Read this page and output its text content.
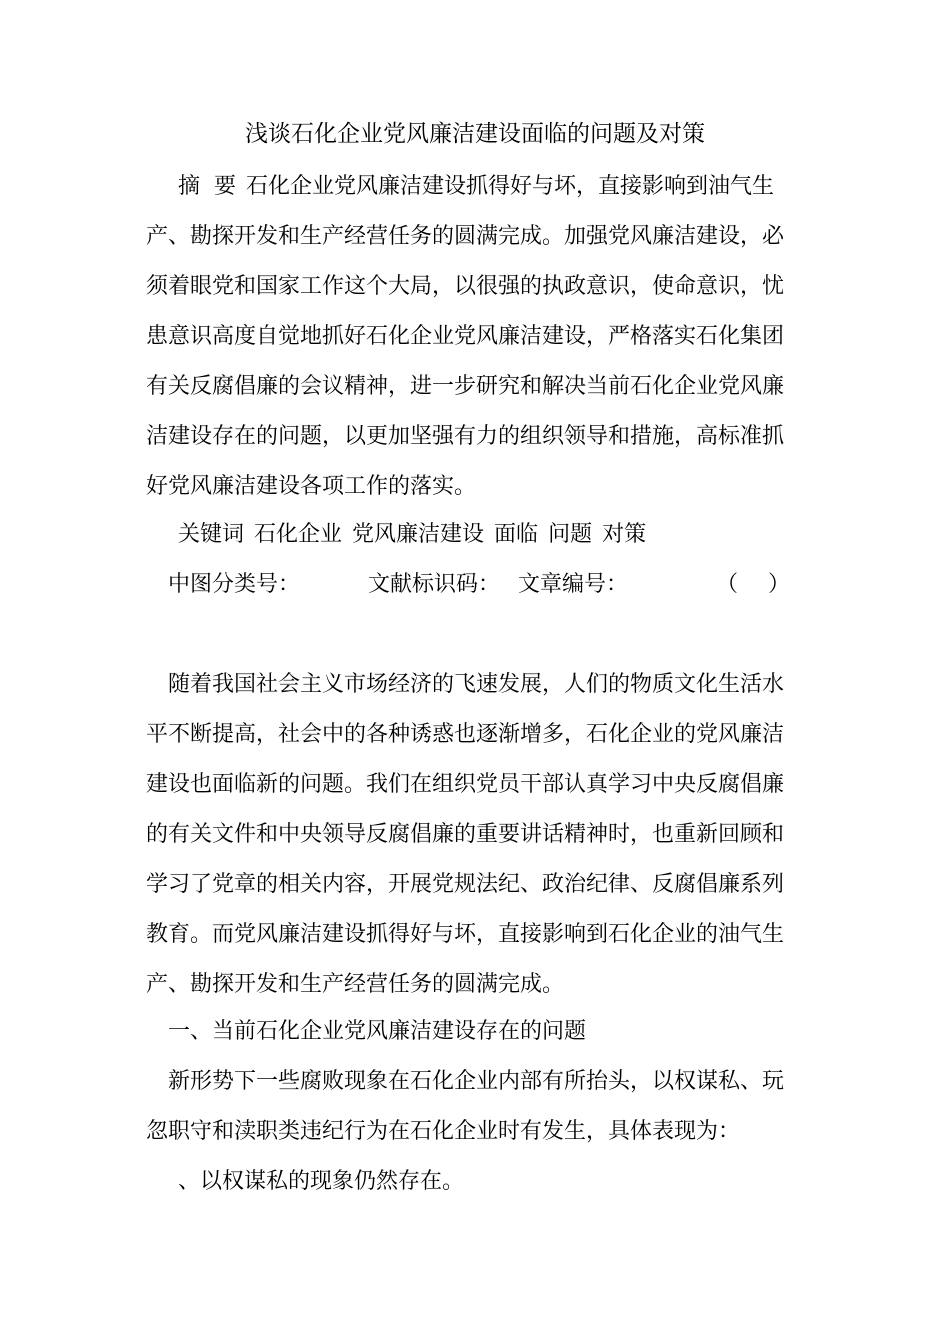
浅谈石化企业党风廉洁建设面临的问题及对策
摘  要 石化企业党风廉洁建设抓得好与坏，直接影响到油气生
产、勘探开发和生产经营任务的圆满完成。加强党风廉洁建设，必
须着眼党和国家工作这个大局，以很强的执政意识，使命意识，忧
患意识高度自觉地抓好石化企业党风廉洁建设，严格落实石化集团
有关反腐倡廉的会议精神，进一步研究和解决当前石化企业党风廉
洁建设存在的问题，以更加坚强有力的组织领导和措施，高标准抓
好党风廉洁建设各项工作的落实。
关键词 石化企业 党风廉洁建设 面临 问题 对策
中图分类号：	文献标识码： 文章编号：	（ ）
随着我国社会主义市场经济的飞速发展，人们的物质文化生活水
平不断提高，社会中的各种诱惑也逐渐增多，石化企业的党风廉洁
建设也面临新的问题。我们在组织党员干部认真学习中央反腐倡廉
的有关文件和中央领导反腐倡廉的重要讲话精神时，也重新回顾和
学习了党章的相关内容，开展党规法纪、政治纪律、反腐倡廉系列
教育。而党风廉洁建设抓得好与坏，直接影响到石化企业的油气生
产、勘探开发和生产经营任务的圆满完成。
一、当前石化企业党风廉洁建设存在的问题
新形势下一些腐败现象在石化企业内部有所抬头，以权谋私、玩
忽职守和渎职类违纪行为在石化企业时有发生，具体表现为：
、以权谋私的现象仍然存在。
